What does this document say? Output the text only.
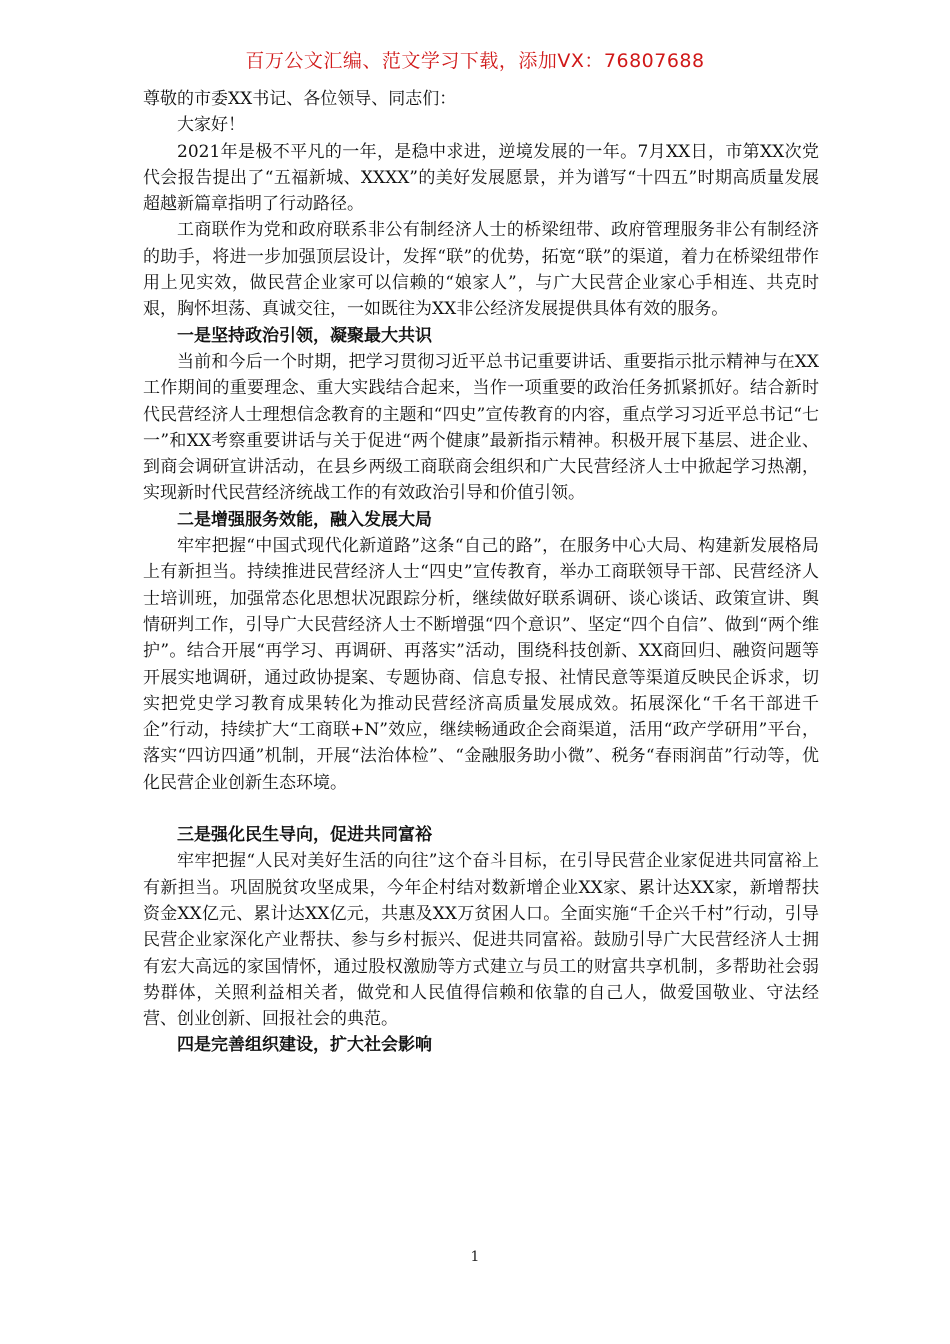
百万公文汇编、范文学习下载，添加VX：76807688

尊敬的市委XX书记、各位领导、同志们：

大家好！

2021年是极不平凡的一年，是稳中求进，逆境发展的一年。7月XX日，市第XX次党代会报告提出了“五福新城、XXXX”的美好发展愿景，并为谱写“十四五”时期高质量发展超越新篇章指明了行动路径。

工商联作为党和政府联系非公有制经济人士的桥梁纽带、政府管理服务非公有制经济的助手，将进一步加强顶层设计，发挥“联”的优势，拓宽“联”的渠道，着力在桥梁纽带作用上见实效，做民营企业家可以信赖的“娘家人”，与广大民营企业家心手相连、共克时艰，胸怀坦荡、真诚交往，一如既往为XX非公经济发展提供具体有效的服务。

一是坚持政治引领，凝聚最大共识

当前和今后一个时期，把学习贯彻习近平总书记重要讲话、重要指示批示精神与在XX工作期间的重要理念、重大实践结合起来，当作一项重要的政治任务抓紧抓好。结合新时代民营经济人士理想信念教育的主题和“四史”宣传教育的内容，重点学习习近平总书记“七一”和XX考察重要讲话与关于促进“两个健康”最新指示精神。积极开展下基层、进企业、到商会调研宣讲活动，在县乡两级工商联商会组织和广大民营经济人士中掀起学习热潮，实现新时代民营经济统战工作的有效政治引导和价值引领。

二是增强服务效能，融入发展大局

牢牢把握“中国式现代化新道路”这条“自己的路”，在服务中心大局、构建新发展格局上有新担当。持续推进民营经济人士“四史”宣传教育，举办工商联领导干部、民营经济人士培训班，加强常态化思想状况跟踪分析，继续做好联系调研、谈心谈话、政策宣讲、舆情研判工作，引导广大民营经济人士不断增强“四个意识”、坚定“四个自信”、做到“两个维护”。结合开展“再学习、再调研、再落实”活动，围绕科技创新、XX商回归、融资问题等开展实地调研，通过政协提案、专题协商、信息专报、社情民意等渠道反映民企诉求，切实把党史学习教育成果转化为推动民营经济高质量发展成效。拓展深化“千名干部进千企”行动，持续扩大“工商联+N”效应，继续畅通政企会商渠道，活用“政产学研用”平台，落实“四访四通”机制，开展“法治体检”、“金融服务助小微”、税务“春雨润苗”行动等，优化民营企业创新生态环境。

三是强化民生导向，促进共同富裕

牢牢把握“人民对美好生活的向往”这个奋斗目标，在引导民营企业家促进共同富裕上有新担当。巩固脱贫攻坚成果，今年企村结对数新增企业XX家、累计达XX家，新增帮扶资金XX亿元、累计达XX亿元，共惠及XX万贫困人口。全面实施“千企兴千村”行动，引导民营企业家深化产业帮扶、参与乡村振兴、促进共同富裕。鼓励引导广大民营经济人士拥有宏大高远的家国情怀，通过股权激励等方式建立与员工的财富共享机制，多帮助社会弱势群体，关照利益相关者，做党和人民值得信赖和依靠的自己人，做爱国敬业、守法经营、创业创新、回报社会的典范。

四是完善组织建设，扩大社会影响

1
